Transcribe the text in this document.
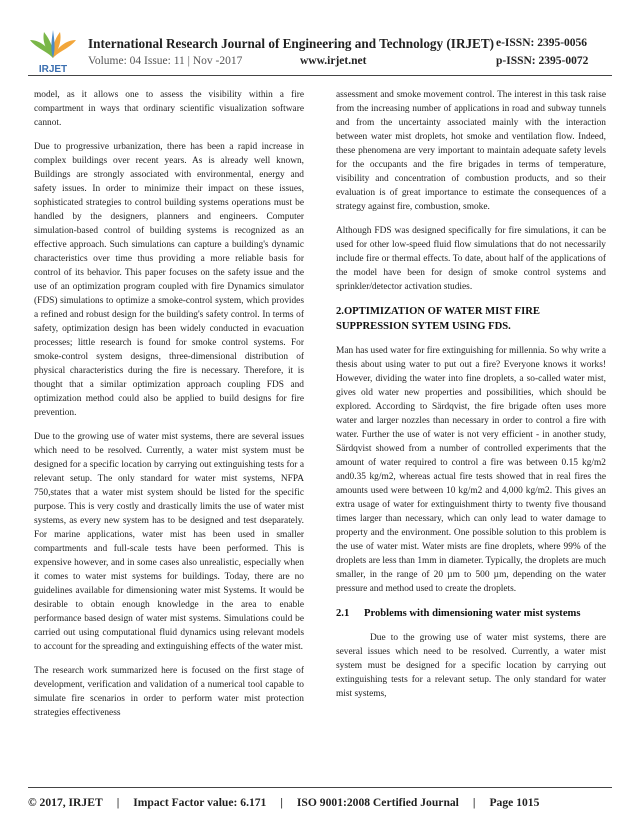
IRJET
International Research Journal of Engineering and Technology (IRJET) e-ISSN: 2395-0056
Volume: 04 Issue: 11 | Nov -2017	www.irjet.net	p-ISSN: 2395-0072

model, as it allows one to assess the visibility within a fire compartment in ways that ordinary scientific visualization software cannot.

Due to progressive urbanization, there has been a rapid increase in complex buildings over recent years. As is already well known, Buildings are strongly associated with environmental, energy and safety issues. In order to minimize their impact on these issues, sophisticated strategies to control building systems operations must be handled by the designers, planners and engineers. Computer simulation-based control of building systems is recognized as an effective approach. Such simulations can capture a building's dynamic characteristics over time thus providing a more reliable basis for control of its behavior. This paper focuses on the safety issue and the use of an optimization program coupled with fire Dynamics simulator (FDS) simulations to optimize a smoke-control system, which provides a refined and robust design for the building's safety control. In terms of safety, optimization design has been widely conducted in evacuation processes; little research is found for smoke control systems. For smoke-control system designs, three-dimensional distribution of physical characteristics during the fire is necessary. Therefore, it is thought that a similar optimization approach coupling FDS and optimization method could also be applied to build designs for fire prevention.

Due to the growing use of water mist systems, there are several issues which need to be resolved. Currently, a water mist system must be designed for a specific location by carrying out extinguishing tests for a relevant setup. The only standard for water mist systems, NFPA 750,states that a water mist system should be listed for the specific purpose. This is very costly and drastically limits the use of water mist systems, as every new system has to be designed and test dseparately. For marine applications, water mist has been used in smaller compartments and full-scale tests have been performed. This is expensive however, and in some cases also unrealistic, especially when it comes to water mist systems for buildings. Today, there are no guidelines available for dimensioning water mist Systems. It would be desirable to obtain enough knowledge in the area to enable performance based design of water mist systems. Simulations could be carried out using computational fluid dynamics using relevant models to account for the spreading and extinguishing effects of the water mist.

The research work summarized here is focused on the first stage of development, verification and validation of a numerical tool capable to simulate fire scenarios in order to perform water mist protection strategies effectiveness

assessment and smoke movement control. The interest in this task raise from the increasing number of applications in road and subway tunnels and from the uncertainty associated mainly with the interaction between water mist droplets, hot smoke and ventilation flow. Indeed, these phenomena are very important to maintain adequate safety levels for the occupants and the fire brigades in terms of temperature, visibility and concentration of combustion products, and so their evaluation is of great importance to estimate the consequences of a strategy against fire, combustion, smoke.

Although FDS was designed specifically for fire simulations, it can be used for other low-speed fluid flow simulations that do not necessarily include fire or thermal effects. To date, about half of the applications of the model have been for design of smoke control systems and sprinkler/detector activation studies.

2.OPTIMIZATION OF WATER MIST FIRE SUPPRESSION SYTEM USING FDS.

Man has used water for fire extinguishing for millennia. So why write a thesis about using water to put out a fire? Everyone knows it works! However, dividing the water into fine droplets, a so-called water mist, gives old water new properties and possibilities, which should be explored. According to Särdqvist, the fire brigade often uses more water and larger nozzles than necessary in order to control a fire with water. Further the use of water is not very efficient - in another study, Särdqvist showed from a number of controlled experiments that the amount of water required to control a fire was between 0.15 kg/m2 and0.35 kg/m2, whereas actual fire tests showed that in real fires the amounts used were between 10 kg/m2 and 4,000 kg/m2. This gives an extra usage of water for extinguishment thirty to twenty five thousand times larger than necessary, which can only lead to water damage to property and the environment. One possible solution to this problem is the use of water mist. Water mists are fine droplets, where 99% of the droplets are less than 1mm in diameter. Typically, the droplets are much smaller, in the range of 20 µm to 500 µm, depending on the water pressure and method used to create the droplets.

2.1	Problems with dimensioning water mist systems

Due to the growing use of water mist systems, there are several issues which need to be resolved. Currently, a water mist system must be designed for a specific location by carrying out extinguishing tests for a relevant setup. The only standard for water mist systems,

© 2017, IRJET | Impact Factor value: 6.171 | ISO 9001:2008 Certified Journal | Page 1015
